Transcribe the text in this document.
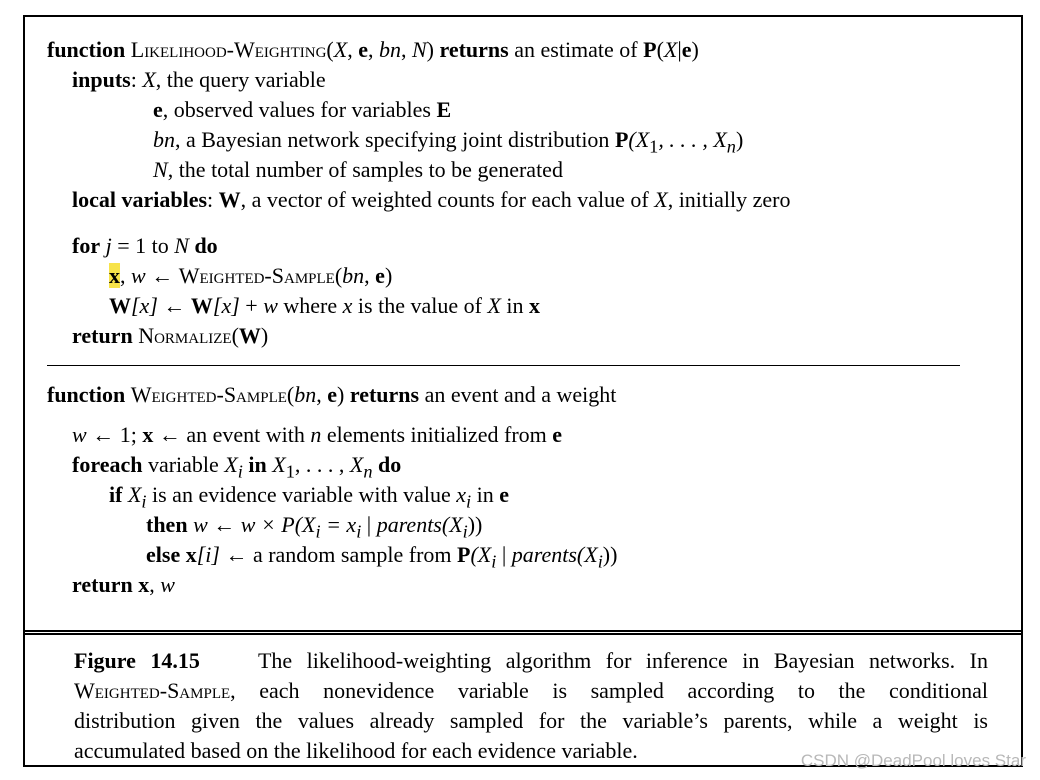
function Likelihood-Weighting(X, e, bn, N) returns an estimate of P(X|e)
inputs: X, the query variable
e, observed values for variables E
bn, a Bayesian network specifying joint distribution $P(X_1$, . . . , $X_n$)
N, the total number of samples to be generated
local variables: W, a vector of weighted counts for each value of X, initially zero
for j = 1 to N do
x, w ← Weighted-Sample(bn, e)
W[x] ← W[x] + w where x is the value of X in x
return Normalize(W)
function Weighted-Sample(bn, e) returns an event and a weight
w ← 1; x ← an event with n elements initialized from e
foreach variable $X_i$ in $X_1$, . . . , $X_n$ do
if $X_i$ is an evidence variable with value $x_i$ in e
then w ← $w \times P(X_i = x_i$ | $parents(X_i)$)
else x[i] ← a random sample from $P(X_i$ | $parents(X_i)$)
return x, w
Figure 14.15	The likelihood-weighting algorithm for inference in Bayesian networks. In
Weighted-Sample, each nonevidence variable is sampled according to the conditional
distribution given the values already sampled for the variable’s parents, while a weight is
accumulated based on the likelihood for each evidence variable.	CSDN @DeadPool loves Star
